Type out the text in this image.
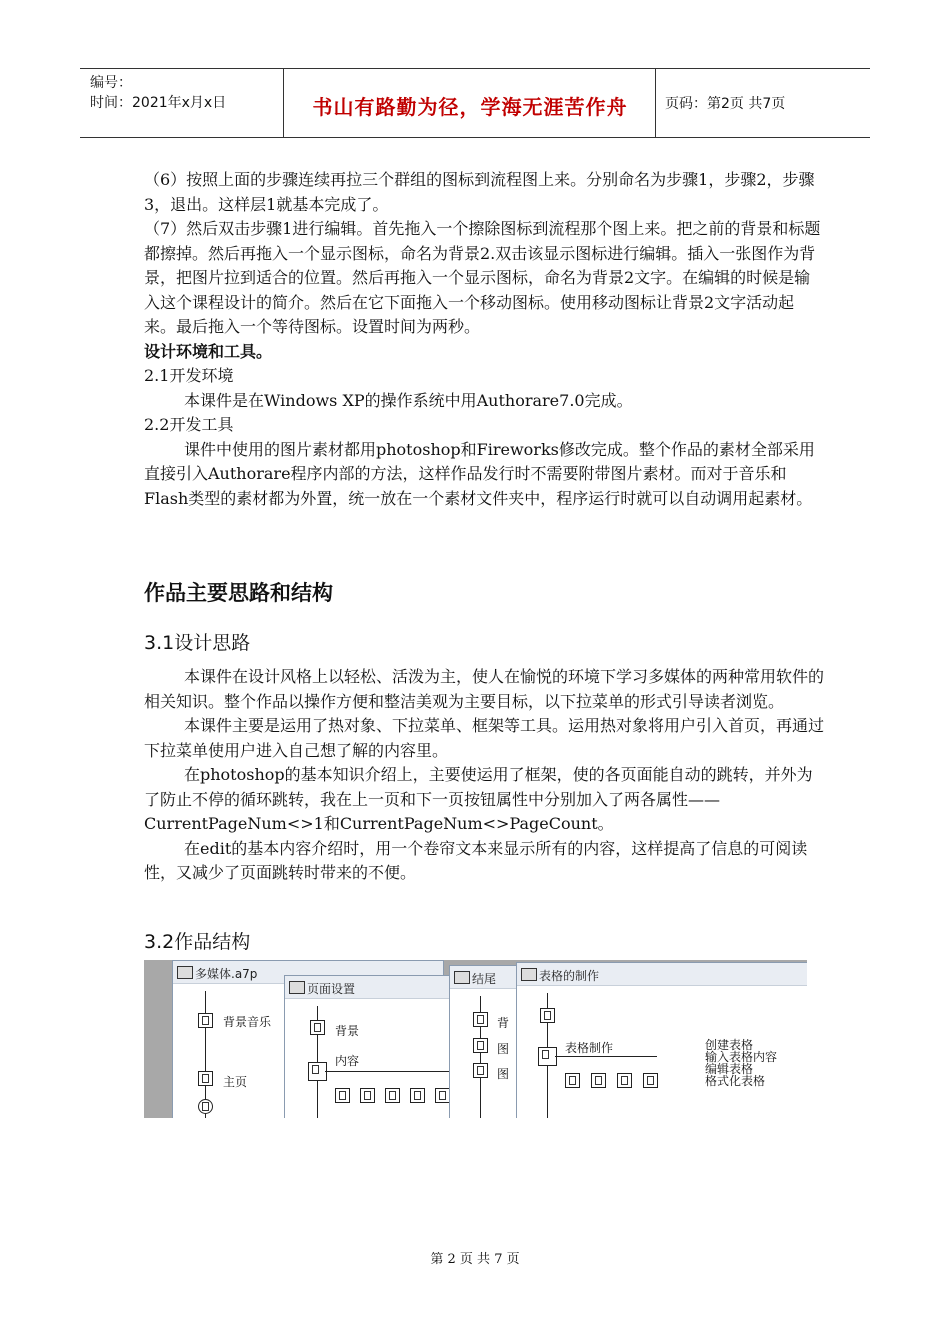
编号：
时间：2021年x月x日	书山有路勤为径，学海无涯苦作舟	页码：第2页 共7页

（6）按照上面的步骤连续再拉三个群组的图标到流程图上来。分别命名为步骤1，步骤2，步骤3，退出。这样层1就基本完成了。

（7）然后双击步骤1进行编辑。首先拖入一个擦除图标到流程那个图上来。把之前的背景和标题都擦掉。然后再拖入一个显示图标，命名为背景2.双击该显示图标进行编辑。插入一张图作为背景，把图片拉到适合的位置。然后再拖入一个显示图标，命名为背景2文字。在编辑的时候是输入这个课程设计的简介。然后在它下面拖入一个移动图标。使用移动图标让背景2文字活动起来。最后拖入一个等待图标。设置时间为两秒。

设计环境和工具。

2.1开发环境

本课件是在Windows XP的操作系统中用Authorare7.0完成。

2.2开发工具

课件中使用的图片素材都用photoshop和Fireworks修改完成。整个作品的素材全部采用直接引入Authorare程序内部的方法，这样作品发行时不需要附带图片素材。而对于音乐和Flash类型的素材都为外置，统一放在一个素材文件夹中，程序运行时就可以自动调用起素材。

作品主要思路和结构
3.1设计思路

本课件在设计风格上以轻松、活泼为主，使人在愉悦的环境下学习多媒体的两种常用软件的相关知识。整个作品以操作方便和整洁美观为主要目标，以下拉菜单的形式引导读者浏览。

本课件主要是运用了热对象、下拉菜单、框架等工具。运用热对象将用户引入首页，再通过下拉菜单使用户进入自己想了解的内容里。

在photoshop的基本知识介绍上，主要使运用了框架，使的各页面能自动的跳转，并外为了防止不停的循环跳转，我在上一页和下一页按钮属性中分别加入了两各属性——CurrentPageNum<>1和CurrentPageNum<>PageCount。

在edit的基本内容介绍时，用一个卷帘文本来显示所有的内容，这样提高了信息的可阅读性，又减少了页面跳转时带来的不便。

3.2作品结构
多媒体.a7p
背景音乐
主页
页面设置
背景
内容
结尾
背
图
图
表格的制作
表格制作	创建表格
输入表格内容
编辑表格
格式化表格
第 2 页 共 7 页
